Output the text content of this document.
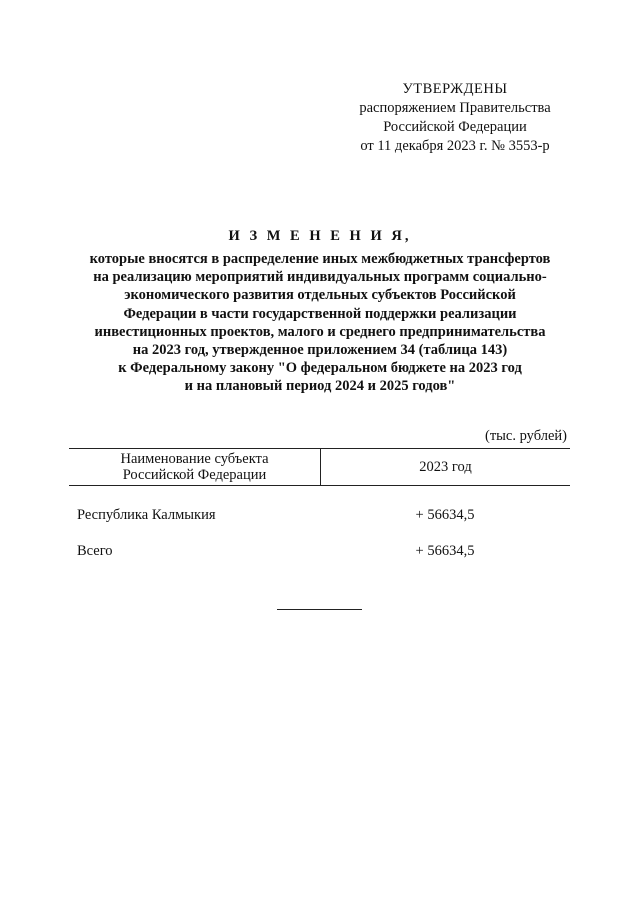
УТВЕРЖДЕНЫ
распоряжением Правительства
Российской Федерации
от 11 декабря 2023 г. № 3553-р
И З М Е Н Е Н И Я,
которые вносятся в распределение иных межбюджетных трансфертов
на реализацию мероприятий индивидуальных программ социально-
экономического развития отдельных субъектов Российской
Федерации в части государственной поддержки реализации
инвестиционных проектов, малого и среднего предпринимательства
на 2023 год, утвержденное приложением 34 (таблица 143)
к Федеральному закону "О федеральном бюджете на 2023 год
и на плановый период 2024 и 2025 годов"
(тыс. рублей)
Наименование субъекта
Российской Федерации	2023 год
Республика Калмыкия	+ 56634,5
Всего	+ 56634,5
